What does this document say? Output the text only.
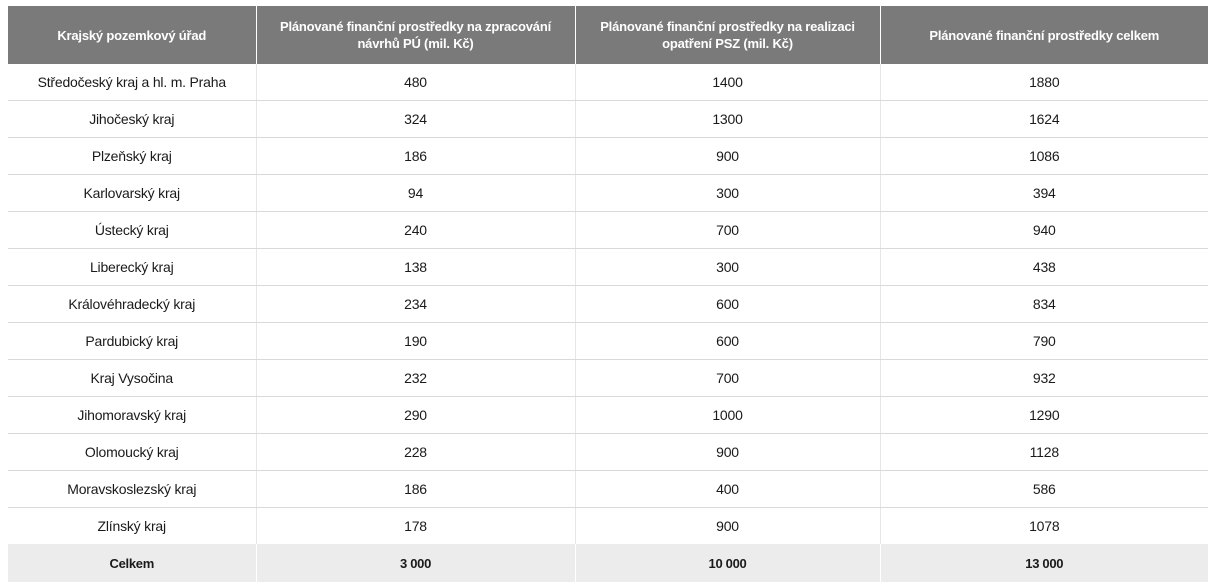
Krajský pozemkový úřad	Plánované finanční prostředky na zpracování návrhů PÚ (mil. Kč)	Plánované finanční prostředky na realizaci opatření PSZ (mil. Kč)	Plánované finanční prostředky celkem
Středočeský kraj a hl. m. Praha	480	1400	1880
Jihočeský kraj	324	1300	1624
Plzeňský kraj	186	900	1086
Karlovarský kraj	94	300	394
Ústecký kraj	240	700	940
Liberecký kraj	138	300	438
Královéhradecký kraj	234	600	834
Pardubický kraj	190	600	790
Kraj Vysočina	232	700	932
Jihomoravský kraj	290	1000	1290
Olomoucký kraj	228	900	1128
Moravskoslezský kraj	186	400	586
Zlínský kraj	178	900	1078
Celkem	3 000	10 000	13 000
